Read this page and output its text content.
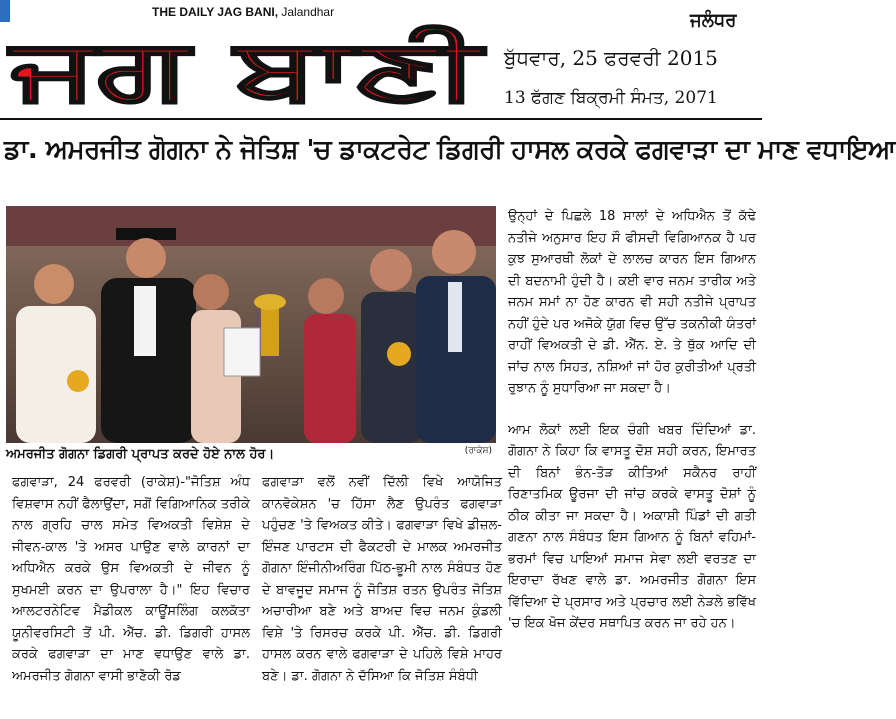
THE DAILY JAG BANI, Jalandhar
ਜਗ ਬਾਣੀ	ਜਲੰਧਰ
ਬੁੱਧਵਾਰ, 25 ਫਰਵਰੀ 2015
13 ਫੱਗਣ ਬਿਕ੍ਰਮੀ ਸੰਮਤ, 2071
ਡਾ. ਅਮਰਜੀਤ ਗੋਗਨਾ ਨੇ ਜੋਤਿਸ਼ 'ਚ ਡਾਕਟਰੇਟ ਡਿਗਰੀ ਹਾਸਲ ਕਰਕੇ ਫਗਵਾੜਾ ਦਾ ਮਾਣ ਵਧਾਇਆ
ਅਮਰਜੀਤ ਗੋਗਨਾ ਡਿਗਰੀ ਪ੍ਰਾਪਤ ਕਰਦੇ ਹੋਏ ਨਾਲ ਹੋਰ।	(ਰਾਕੇਸ਼)

ਫਗਵਾੜਾ, 24 ਫਰਵਰੀ (ਰਾਕੇਸ਼)-"ਜੋਤਿਸ਼ ਅੰਧ ਵਿਸ਼ਵਾਸ ਨਹੀਂ ਫੈਲਾਉਂਦਾ, ਸਗੋਂ ਵਿਗਿਆਨਿਕ ਤਰੀਕੇ ਨਾਲ ਗ੍ਰਹਿ ਚਾਲ ਸਮੇਤ ਵਿਅਕਤੀ ਵਿਸ਼ੇਸ਼ ਦੇ ਜੀਵਨ-ਕਾਲ 'ਤੇ ਅਸਰ ਪਾਉਣ ਵਾਲੇ ਕਾਰਨਾਂ ਦਾ ਅਧਿਐਨ ਕਰਕੇ ਉਸ ਵਿਅਕਤੀ ਦੇ ਜੀਵਨ ਨੂੰ ਸੁਖਮਈ ਕਰਨ ਦਾ ਉਪਰਾਲਾ ਹੈ।" ਇਹ ਵਿਚਾਰ ਆਲਟਰਨੇਟਿਵ ਮੈਡੀਕਲ ਕਾਊਂਸਲਿੰਗ ਕਲਕੱਤਾ ਯੂਨੀਵਰਸਿਟੀ ਤੋਂ ਪੀ. ਐੱਚ. ਡੀ. ਡਿਗਰੀ ਹਾਸਲ ਕਰਕੇ ਫਗਵਾੜਾ ਦਾ ਮਾਣ ਵਧਾਉਣ ਵਾਲੇ ਡਾ. ਅਮਰਜੀਤ ਗੋਗਨਾ ਵਾਸੀ ਭਾਣੋਕੀ ਰੋਡ

ਫਗਵਾੜਾ ਵਲੋਂ ਨਵੀਂ ਦਿੱਲੀ ਵਿਖੇ ਆਯੋਜਿਤ ਕਾਨਵੋਕੇਸ਼ਨ 'ਚ ਹਿੱਸਾ ਲੈਣ ਉਪਰੰਤ ਫਗਵਾੜਾ ਪਹੁੰਚਣ 'ਤੇ ਵਿਅਕਤ ਕੀਤੇ। ਫਗਵਾੜਾ ਵਿਖੇ ਡੀਜ਼ਲ-ਇੰਜਣ ਪਾਰਟਸ ਦੀ ਫੈਕਟਰੀ ਦੇ ਮਾਲਕ ਅਮਰਜੀਤ ਗੋਗਨਾ ਇੰਜੀਨੀਅਰਿੰਗ ਪਿੱਠ-ਭੂਮੀ ਨਾਲ ਸੰਬੰਧਤ ਹੋਣ ਦੇ ਬਾਵਜੂਦ ਸਮਾਜ ਨੂੰ ਜੋਤਿਸ਼ ਰਤਨ ਉਪਰੰਤ ਜੋਤਿਸ਼ ਅਚਾਰੀਆ ਬਣੇ ਅਤੇ ਬਾਅਦ ਵਿਚ ਜਨਮ ਕੁੰਡਲੀ ਵਿਸ਼ੇ 'ਤੇ ਰਿਸਰਚ ਕਰਕੇ ਪੀ. ਐੱਚ. ਡੀ. ਡਿਗਰੀ ਹਾਸਲ ਕਰਨ ਵਾਲੇ ਫਗਵਾੜਾ ਦੇ ਪਹਿਲੇ ਵਿਸ਼ੇ ਮਾਹਰ ਬਣੇ। ਡਾ. ਗੋਗਨਾ ਨੇ ਦੱਸਿਆ ਕਿ ਜੋਤਿਸ਼ ਸੰਬੰਧੀ

ਉਨ੍ਹਾਂ ਦੇ ਪਿਛਲੇ 18 ਸਾਲਾਂ ਦੇ ਅਧਿਐਨ ਤੋਂ ਕੱਢੇ ਨਤੀਜੇ ਅਨੁਸਾਰ ਇਹ ਸੌ ਫੀਸਦੀ ਵਿਗਿਆਨਕ ਹੈ ਪਰ ਕੁਝ ਸੁਆਰਥੀ ਲੋਕਾਂ ਦੇ ਲਾਲਚ ਕਾਰਨ ਇਸ ਗਿਆਨ ਦੀ ਬਦਨਾਮੀ ਹੁੰਦੀ ਹੈ। ਕਈ ਵਾਰ ਜਨਮ ਤਾਰੀਕ ਅਤੇ ਜਨਮ ਸਮਾਂ ਨਾ ਹੋਣ ਕਾਰਨ ਵੀ ਸਹੀ ਨਤੀਜੇ ਪ੍ਰਾਪਤ ਨਹੀਂ ਹੁੰਦੇ ਪਰ ਅਜੋਕੇ ਯੁੱਗ ਵਿਚ ਉੱਚ ਤਕਨੀਕੀ ਯੰਤਰਾਂ ਰਾਹੀਂ ਵਿਅਕਤੀ ਦੇ ਡੀ. ਐੱਨ. ਏ. ਤੇ ਥੁੱਕ ਆਦਿ ਦੀ ਜਾਂਚ ਨਾਲ ਸਿਹਤ, ਨਸ਼ਿਆਂ ਜਾਂ ਹੋਰ ਕੁਰੀਤੀਆਂ ਪ੍ਰਤੀ ਰੁਝਾਨ ਨੂੰ ਸੁਧਾਰਿਆ ਜਾ ਸਕਦਾ ਹੈ।

ਆਮ ਲੋਕਾਂ ਲਈ ਇਕ ਚੰਗੀ ਖਬਰ ਦਿੰਦਿਆਂ ਡਾ. ਗੋਗਨਾ ਨੇ ਕਿਹਾ ਕਿ ਵਾਸਤੂ ਦੋਸ਼ ਸਹੀ ਕਰਨ, ਇਮਾਰਤ ਦੀ ਬਿਨਾਂ ਭੰਨ-ਤੋੜ ਕੀਤਿਆਂ ਸਕੈਨਰ ਰਾਹੀਂ ਰਿਣਾਤਮਿਕ ਊਰਜਾ ਦੀ ਜਾਂਚ ਕਰਕੇ ਵਾਸਤੂ ਦੋਸ਼ਾਂ ਨੂੰ ਠੀਕ ਕੀਤਾ ਜਾ ਸਕਦਾ ਹੈ। ਅਕਾਸ਼ੀ ਪਿੰਡਾਂ ਦੀ ਗਤੀ ਗਣਨਾ ਨਾਲ ਸੰਬੰਧਤ ਇਸ ਗਿਆਨ ਨੂੰ ਬਿਨਾਂ ਵਹਿਮਾਂ-ਭਰਮਾਂ ਵਿਚ ਪਾਇਆਂ ਸਮਾਜ ਸੇਵਾ ਲਈ ਵਰਤਣ ਦਾ ਇਰਾਦਾ ਰੱਖਣ ਵਾਲੇ ਡਾ. ਅਮਰਜੀਤ ਗੋਗਨਾ ਇਸ ਵਿੱਦਿਆ ਦੇ ਪ੍ਰਸਾਰ ਅਤੇ ਪ੍ਰਚਾਰ ਲਈ ਨੇੜਲੇ ਭਵਿੱਖ 'ਚ ਇਕ ਖੋਜ ਕੇਂਦਰ ਸਥਾਪਿਤ ਕਰਨ ਜਾ ਰਹੇ ਹਨ।
